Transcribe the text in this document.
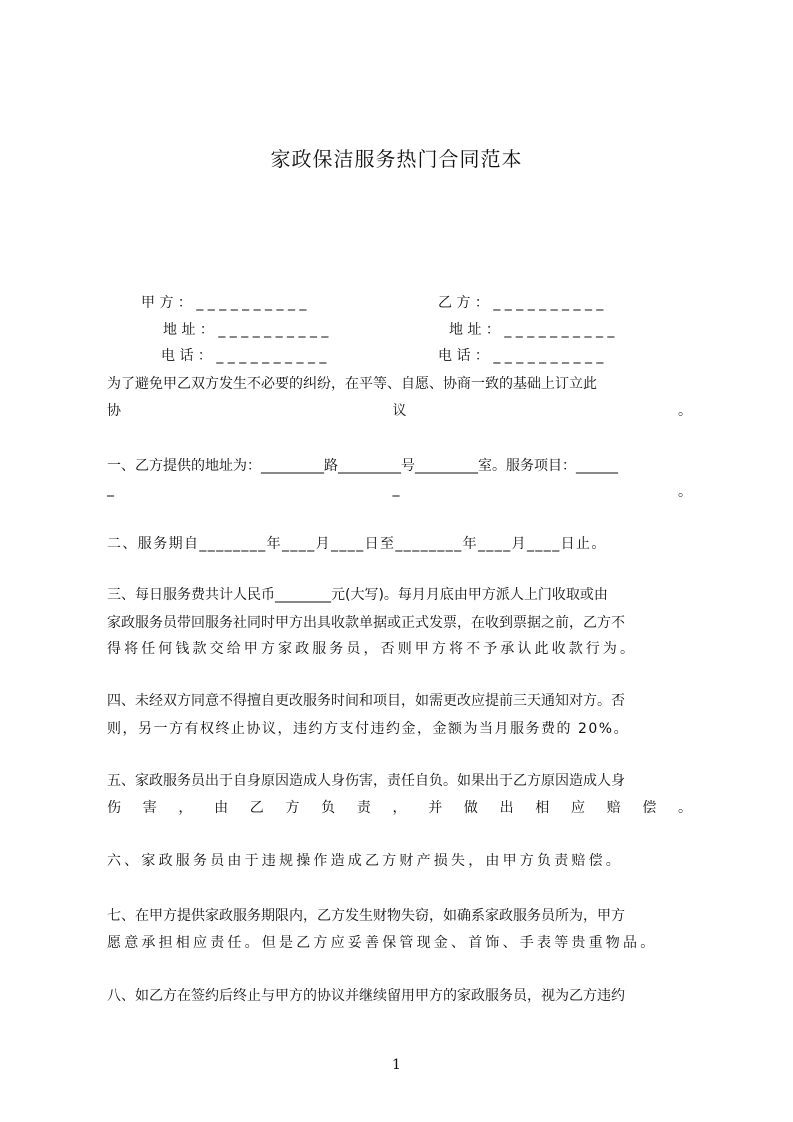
家政保洁服务热门合同范本
甲 方 ： _ _ _ _ _ _ _ _ _ _	乙 方 ： _ _ _ _ _ _ _ _ _ _
地 址 ： _ _ _ _ _ _ _ _ _ _	地 址 ： _ _ _ _ _ _ _ _ _ _
电 话 ： _ _ _ _ _ _ _ _ _ _	电 话 ： _ _ _ _ _ _ _ _ _ _
为了避免甲乙双方发生不必要的纠纷，在平等、自愿、协商一致的基础上订立此
协	议	。
一、乙方提供的地址为：_________路_________号_________室。服务项目：______
_	_	。
二、服务期自________年____月____日至________年____月____日止。
三、每日服务费共计人民币________元(大写)。每月月底由甲方派人上门收取或由
家政服务员带回服务社同时甲方出具收款单据或正式发票，在收到票据之前，乙方不
得将任何钱款交给甲方家政服务员，否则甲方将不予承认此收款行为。
四、未经双方同意不得擅自更改服务时间和项目，如需更改应提前三天通知对方。否
则，另一方有权终止协议，违约方支付违约金，金额为当月服务费的 20%。
五、家政服务员出于自身原因造成人身伤害，责任自负。如果出于乙方原因造成人身
伤 害 ， 由 乙 方 负 责 ， 并 做 出 相 应 赔 偿 。
六、家政服务员由于违规操作造成乙方财产损失，由甲方负责赔偿。
七、在甲方提供家政服务期限内，乙方发生财物失窃，如确系家政服务员所为，甲方
愿意承担相应责任。但是乙方应妥善保管现金、首饰、手表等贵重物品。
八、如乙方在签约后终止与甲方的协议并继续留用甲方的家政服务员，视为乙方违约
1
